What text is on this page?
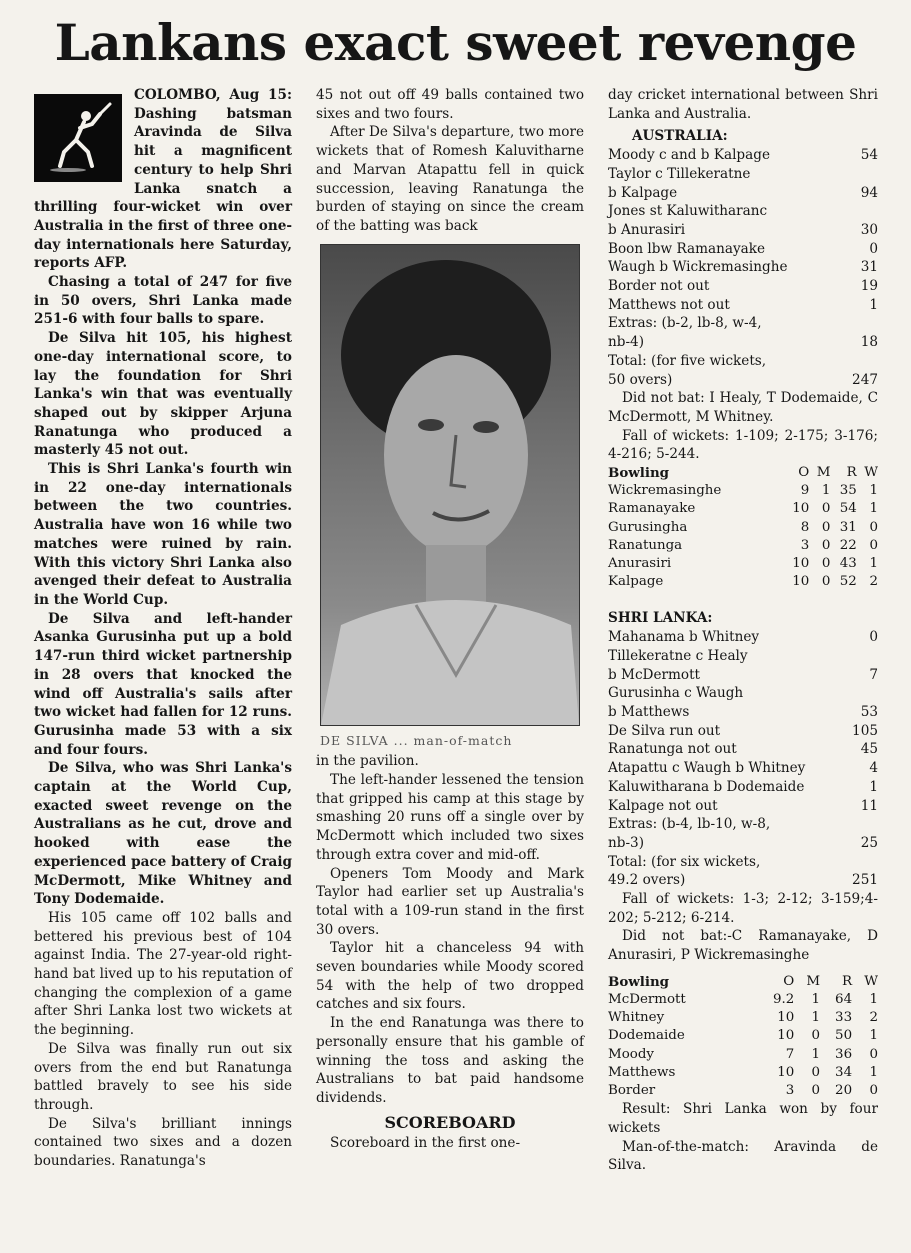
Lankans exact sweet revenge

COLOMBO, Aug 15: Dashing batsman Aravinda de Silva hit a magnificent century to help Shri Lanka snatch a thrilling four-wicket win over Australia in the first of three one-day internationals here Saturday, reports AFP.

Chasing a total of 247 for five in 50 overs, Shri Lanka made 251-6 with four balls to spare.

De Silva hit 105, his highest one-day international score, to lay the foundation for Shri Lanka's win that was eventually shaped out by skipper Arjuna Ranatunga who produced a masterly 45 not out.

This is Shri Lanka's fourth win in 22 one-day internationals between the two countries. Australia have won 16 while two matches were ruined by rain. With this victory Shri Lanka also avenged their defeat to Australia in the World Cup.

De Silva and left-hander Asanka Gurusinha put up a bold 147-run third wicket partnership in 28 overs that knocked the wind off Australia's sails after two wicket had fallen for 12 runs. Gurusinha made 53 with a six and four fours.

De Silva, who was Shri Lanka's captain at the World Cup, exacted sweet revenge on the Australians as he cut, drove and hooked with ease the experienced pace battery of Craig McDermott, Mike Whitney and Tony Dodemaide.

His 105 came off 102 balls and bettered his previous best of 104 against India. The 27-year-old right-hand bat lived up to his reputation of changing the complexion of a game after Shri Lanka lost two wickets at the beginning.

De Silva was finally run out six overs from the end but Ranatunga battled bravely to see his side through.

De Silva's brilliant innings contained two sixes and a dozen boundaries. Ranatunga's

45 not out off 49 balls contained two sixes and two fours.

After De Silva's departure, two more wickets that of Romesh Kaluvitharne and Marvan Atapattu fell in quick succession, leaving Ranatunga the burden of staying on since the cream of the batting was back

DE SILVA ... man-of-match

in the pavilion.

The left-hander lessened the tension that gripped his camp at this stage by smashing 20 runs off a single over by McDermott which included two sixes through extra cover and mid-off.

Openers Tom Moody and Mark Taylor had earlier set up Australia's total with a 109-run stand in the first 30 overs.

Taylor hit a chanceless 94 with seven boundaries while Moody scored 54 with the help of two dropped catches and six fours.

In the end Ranatunga was there to personally ensure that his gamble of winning the toss and asking the Australians to bat paid handsome dividends.

SCOREBOARD

Scoreboard in the first one-

day cricket international between Shri Lanka and Australia.

AUSTRALIA:

Moody c and b Kalpage	54
Taylor c Tillekeratne
b Kalpage	94
Jones st Kaluwitharanc
b Anurasiri	30
Boon lbw Ramanayake	0
Waugh b Wickremasinghe	31
Border not out	19
Matthews not out	1
Extras: (b-2, lb-8, w-4,
nb-4)	18
Total: (for five wickets,
50 overs)	247

Did not bat: I Healy, T Dodemaide, C McDermott, M Whitney.

Fall of wickets: 1-109; 2-175; 3-176; 4-216; 5-244.

Bowling	O	M	R	W
Wickremasinghe	9	1	35	1
Ramanayake	10	0	54	1
Gurusingha	8	0	31	0
Ranatunga	3	0	22	0
Anurasiri	10	0	43	1
Kalpage	10	0	52	2

SHRI LANKA:

Mahanama b Whitney	0
Tillekeratne c Healy
b McDermott	7
Gurusinha c Waugh
b Matthews	53
De Silva run out	105
Ranatunga not out	45
Atapattu c Waugh b Whitney	4
Kaluwitharana b Dodemaide	1
Kalpage not out	11
Extras: (b-4, lb-10, w-8,
nb-3)	25
Total: (for six wickets,
49.2 overs)	251

Fall of wickets: 1-3; 2-12; 3-159;4-202; 5-212; 6-214.

Did not bat:-C Ramanayake, D Anurasiri, P Wickremasinghe

Bowling	O	M	R	W
McDermott	9.2	1	64	1
Whitney	10	1	33	2
Dodemaide	10	0	50	1
Moody	7	1	36	0
Matthews	10	0	34	1
Border	3	0	20	0

Result: Shri Lanka won by four wickets

Man-of-the-match: Aravinda de Silva.
